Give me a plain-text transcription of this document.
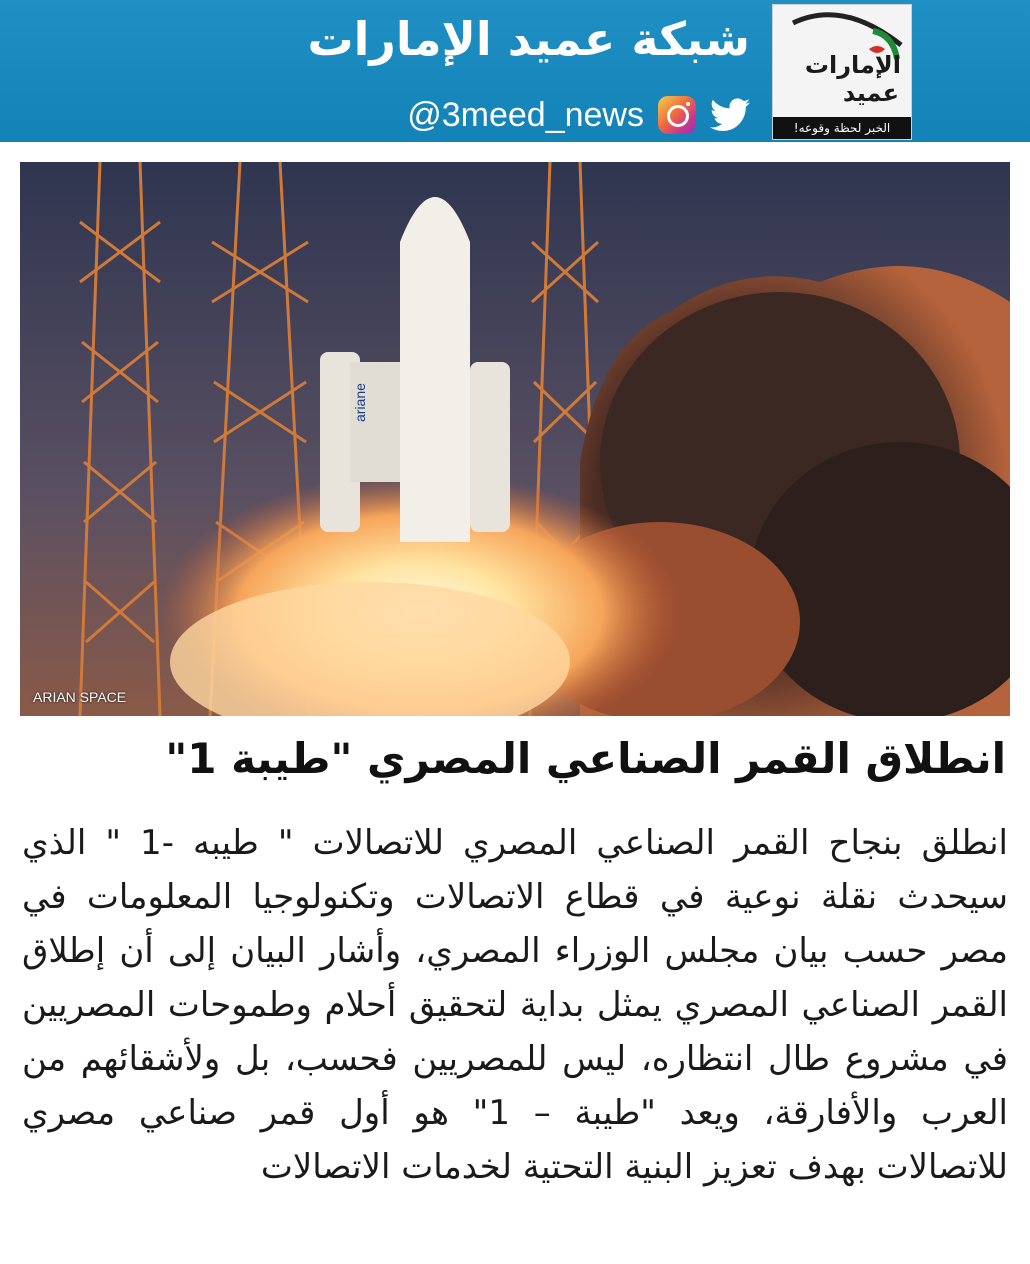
شبكة عميد الإمارات
@3meed_news
الإمارات
عميد
الخبر لحظة وقوعه!
ariane
ARIAN SPACE
انطلاق القمر الصناعي المصري "طيبة 1"
انطلق بنجاح القمر الصناعي المصري للاتصالات " طيبه -1 " الذي سيحدث نقلة نوعية في قطاع الاتصالات وتكنولوجيا المعلومات في مصر حسب بيان مجلس الوزراء المصري، وأشار البيان إلى أن إطلاق القمر الصناعي المصري يمثل بداية لتحقيق أحلام وطموحات المصريين في مشروع طال انتظاره، ليس للمصريين فحسب، بل ولأشقائهم من العرب والأفارقة، ويعد "طيبة – 1" هو أول قمر صناعي مصري للاتصالات بهدف تعزيز البنية التحتية لخدمات الاتصالات
